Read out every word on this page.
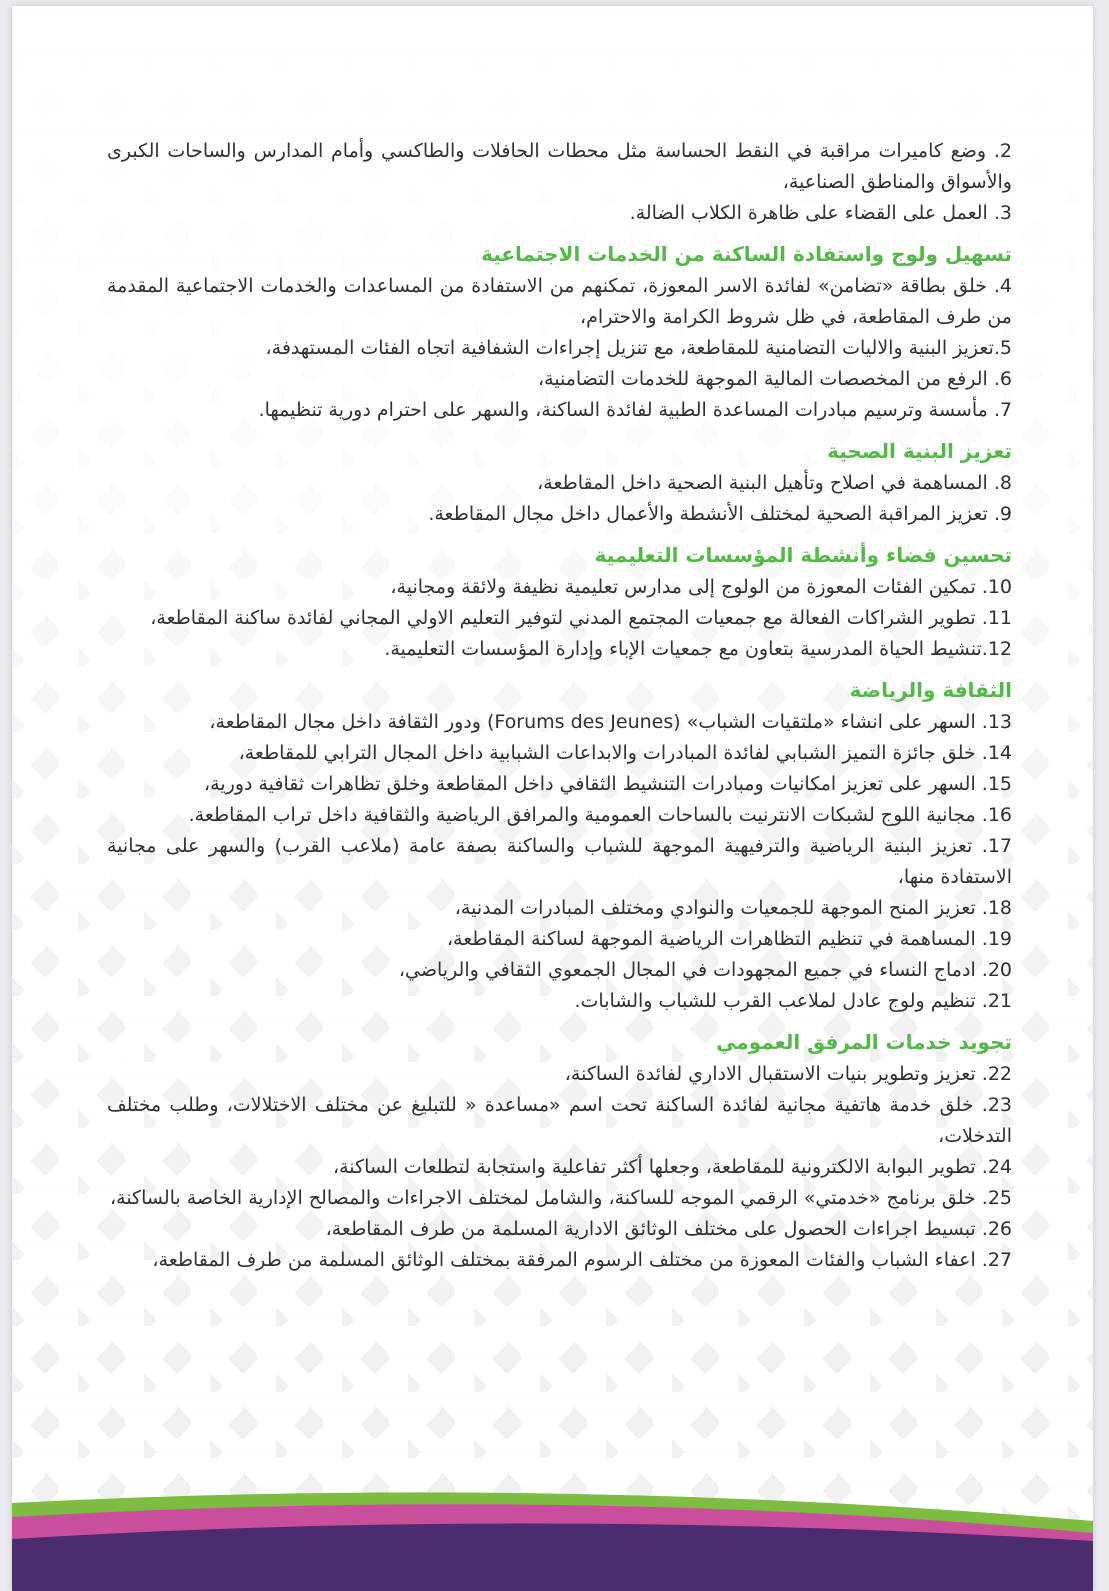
2. وضع كاميرات مراقبة في النقط الحساسة مثل محطات الحافلات والطاكسي وأمام المدارس والساحات الكبرى والأسواق والمناطق الصناعية،

3. العمل على القضاء على ظاهرة الكلاب الضالة.

تسهيل ولوج واستفادة الساكنة من الخدمات الاجتماعية

4. خلق بطاقة «تضامن» لفائدة الاسر المعوزة، تمكنهم من الاستفادة من المساعدات والخدمات الاجتماعية المقدمة من طرف المقاطعة، في ظل شروط الكرامة والاحترام،

5.تعزيز البنية والاليات التضامنية للمقاطعة، مع تنزيل إجراءات الشفافية اتجاه الفئات المستهدفة،

6. الرفع من المخصصات المالية الموجهة للخدمات التضامنية،

7. مأسسة وترسيم مبادرات المساعدة الطبية لفائدة الساكنة، والسهر على احترام دورية تنظيمها.

تعزيز البنية الصحية

8. المساهمة في اصلاح وتأهيل البنية الصحية داخل المقاطعة،

9. تعزيز المراقبة الصحية لمختلف الأنشطة والأعمال داخل مجال المقاطعة.

تحسين فضاء وأنشطة المؤسسات التعليمية

10. تمكين الفئات المعوزة من الولوج إلى مدارس تعليمية نظيفة ولائقة ومجانية،

11. تطوير الشراكات الفعالة مع جمعيات المجتمع المدني لتوفير التعليم الاولي المجاني لفائدة ساكنة المقاطعة،

12.تنشيط الحياة المدرسية بتعاون مع جمعيات الإباء وإدارة المؤسسات التعليمية.

الثقافة والرياضة

13. السهر على انشاء «ملتقيات الشباب» (Forums des Jeunes) ودور الثقافة داخل مجال المقاطعة،

14. خلق جائزة التميز الشبابي لفائدة المبادرات والابداعات الشبابية داخل المجال الترابي للمقاطعة،

15. السهر على تعزيز امكانيات ومبادرات التنشيط الثقافي داخل المقاطعة وخلق تظاهرات ثقافية دورية،

16. مجانية اللوج لشبكات الانترنيت بالساحات العمومية والمرافق الرياضية والثقافية داخل تراب المقاطعة.

17. تعزيز البنية الرياضية والترفيهية الموجهة للشباب والساكنة بصفة عامة (ملاعب القرب) والسهر على مجانية الاستفادة منها،

18. تعزيز المنح الموجهة للجمعيات والنوادي ومختلف المبادرات المدنية،

19. المساهمة في تنظيم التظاهرات الرياضية الموجهة لساكنة المقاطعة،

20. ادماج النساء في جميع المجهودات في المجال الجمعوي الثقافي والرياضي،

21. تنظيم ولوج عادل لملاعب القرب للشباب والشابات.

تجويد خدمات المرفق العمومي

22. تعزيز وتطوير بنيات الاستقبال الاداري لفائدة الساكنة،

23. خلق خدمة هاتفية مجانية لفائدة الساكنة تحت اسم «مساعدة « للتبليغ عن مختلف الاختلالات، وطلب مختلف التدخلات،

24. تطوير البوابة الالكترونية للمقاطعة، وجعلها أكثر تفاعلية واستجابة لتطلعات الساكنة،

25. خلق برنامج «خدمتي» الرقمي الموجه للساكنة، والشامل لمختلف الاجراءات والمصالح الإدارية الخاصة بالساكنة،

26. تبسيط اجراءات الحصول على مختلف الوثائق الادارية المسلمة من طرف المقاطعة،

27. اعفاء الشباب والفئات المعوزة من مختلف الرسوم المرفقة بمختلف الوثائق المسلمة من طرف المقاطعة،
